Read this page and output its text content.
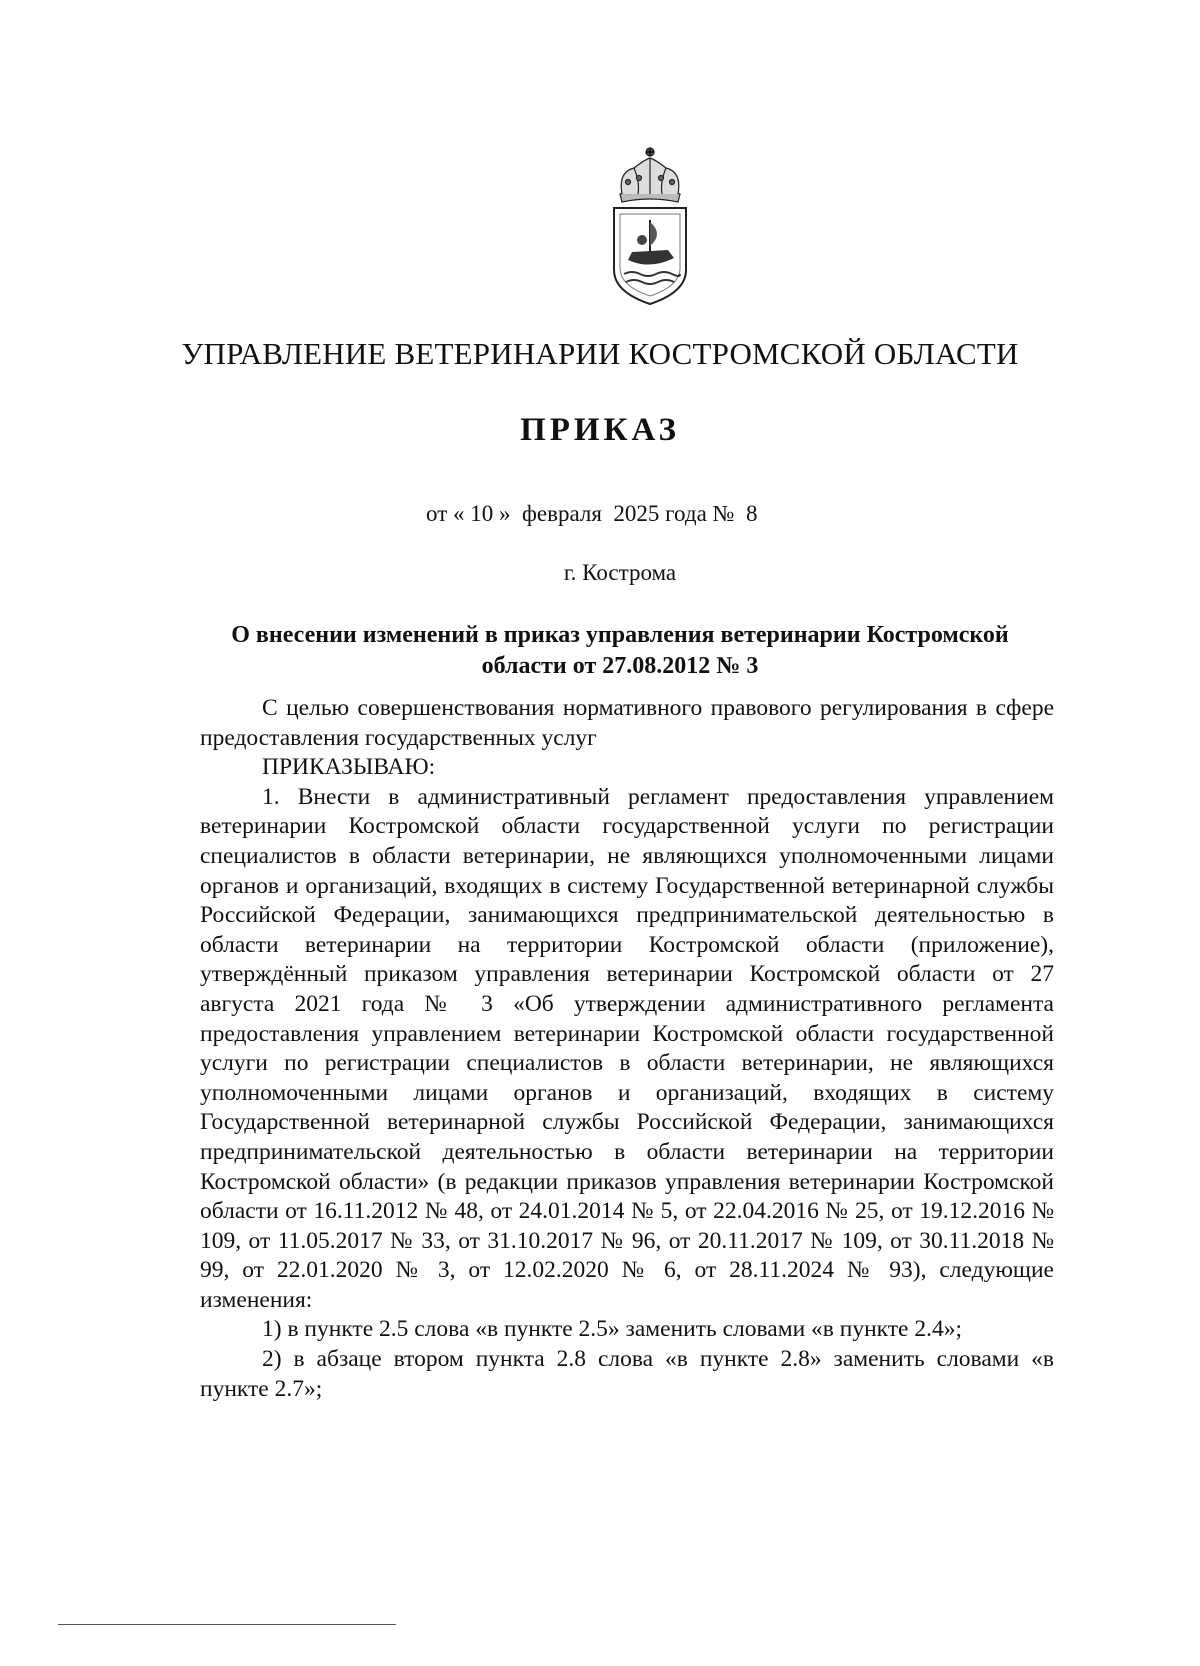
УПРАВЛЕНИЕ ВЕТЕРИНАРИИ КОСТРОМСКОЙ ОБЛАСТИ
ПРИКАЗ
от « 10 »  февраля  2025 года №  8
г. Кострома
О внесении изменений в приказ управления ветеринарии Костромской
области от 27.08.2012 № 3

С целью совершенствования нормативного правового регулирования в сфере предоставления государственных услуг

ПРИКАЗЫВАЮ:

1. Внести в административный регламент предоставления управлением ветеринарии Костромской области государственной услуги по регистрации специалистов в области ветеринарии, не являющихся уполномоченными лицами органов и организаций, входящих в систему Государственной ветеринарной службы Российской Федерации, занимающихся предпринимательской деятельностью в области ветеринарии на территории Костромской области (приложение), утверждённый приказом управления ветеринарии Костромской области от 27 августа 2021 года № 3 «Об утверждении административного регламента предоставления управлением ветеринарии Костромской области государственной услуги по регистрации специалистов в области ветеринарии, не являющихся уполномоченными лицами органов и организаций, входящих в систему Государственной ветеринарной службы Российской Федерации, занимающихся предпринимательской деятельностью в области ветеринарии на территории Костромской области» (в редакции приказов управления ветеринарии Костромской области от 16.11.2012 № 48, от 24.01.2014 № 5, от 22.04.2016 № 25, от 19.12.2016 № 109, от 11.05.2017 № 33, от 31.10.2017 № 96, от 20.11.2017 № 109, от 30.11.2018 № 99, от 22.01.2020 № 3, от 12.02.2020 № 6, от 28.11.2024 № 93), следующие изменения:

1) в пункте 2.5 слова «в пункте 2.5» заменить словами «в пункте 2.4»;

2) в абзаце втором пункта 2.8 слова «в пункте 2.8» заменить словами «в пункте 2.7»;
